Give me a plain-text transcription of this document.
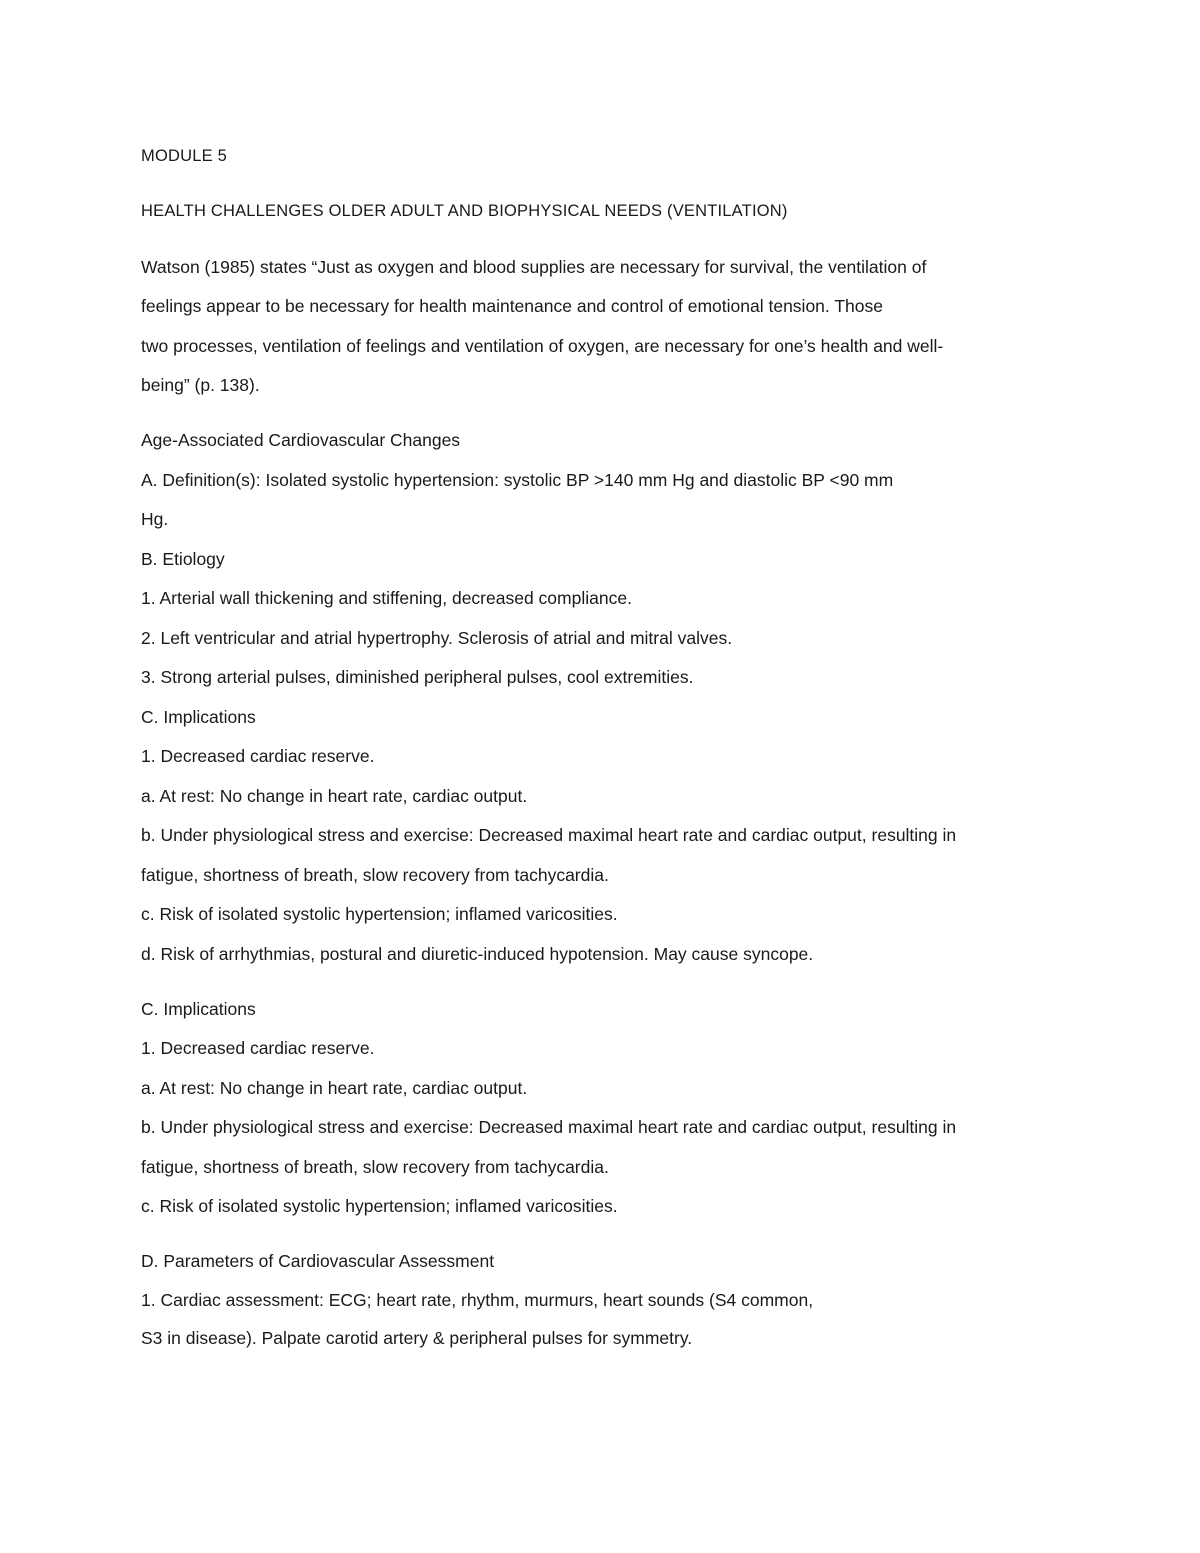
MODULE 5
HEALTH CHALLENGES OLDER ADULT AND BIOPHYSICAL NEEDS (VENTILATION)
Watson (1985) states “Just as oxygen and blood supplies are necessary for survival, the ventilation of
feelings appear to be necessary for health maintenance and control of emotional tension. Those
two processes, ventilation of feelings and ventilation of oxygen, are necessary for one’s health and well-
being” (p. 138).
Age-Associated Cardiovascular Changes
A. Definition(s): Isolated systolic hypertension: systolic BP >140 mm Hg and diastolic BP <90 mm
Hg.
B. Etiology
1. Arterial wall thickening and stiffening, decreased compliance.
2. Left ventricular and atrial hypertrophy. Sclerosis of atrial and mitral valves.
3. Strong arterial pulses, diminished peripheral pulses, cool extremities.
C. Implications
1. Decreased cardiac reserve.
a. At rest: No change in heart rate, cardiac output.
b. Under physiological stress and exercise: Decreased maximal heart rate and cardiac output, resulting in
fatigue, shortness of breath, slow recovery from tachycardia.
c. Risk of isolated systolic hypertension; inflamed varicosities.
d. Risk of arrhythmias, postural and diuretic-induced hypotension. May cause syncope.
C. Implications
1. Decreased cardiac reserve.
a. At rest: No change in heart rate, cardiac output.
b. Under physiological stress and exercise: Decreased maximal heart rate and cardiac output, resulting in
fatigue, shortness of breath, slow recovery from tachycardia.
c. Risk of isolated systolic hypertension; inflamed varicosities.
D. Parameters of Cardiovascular Assessment
1. Cardiac assessment: ECG; heart rate, rhythm, murmurs, heart sounds (S4 common,
S3 in disease). Palpate carotid artery & peripheral pulses for symmetry.
